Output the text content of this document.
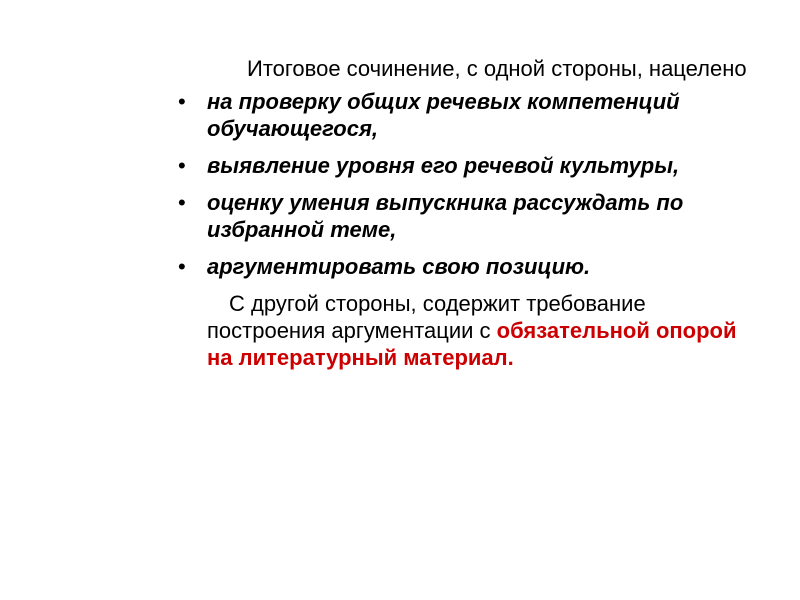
Итоговое сочинение, с одной стороны, нацелено

• на проверку общих речевых компетенций обучающегося,
• выявление уровня его речевой культуры,
• оценку умения выпускника рассуждать по избранной теме,
• аргументировать свою позицию.

С другой стороны, содержит требование построения аргументации с обязательной опорой на литературный материал.
